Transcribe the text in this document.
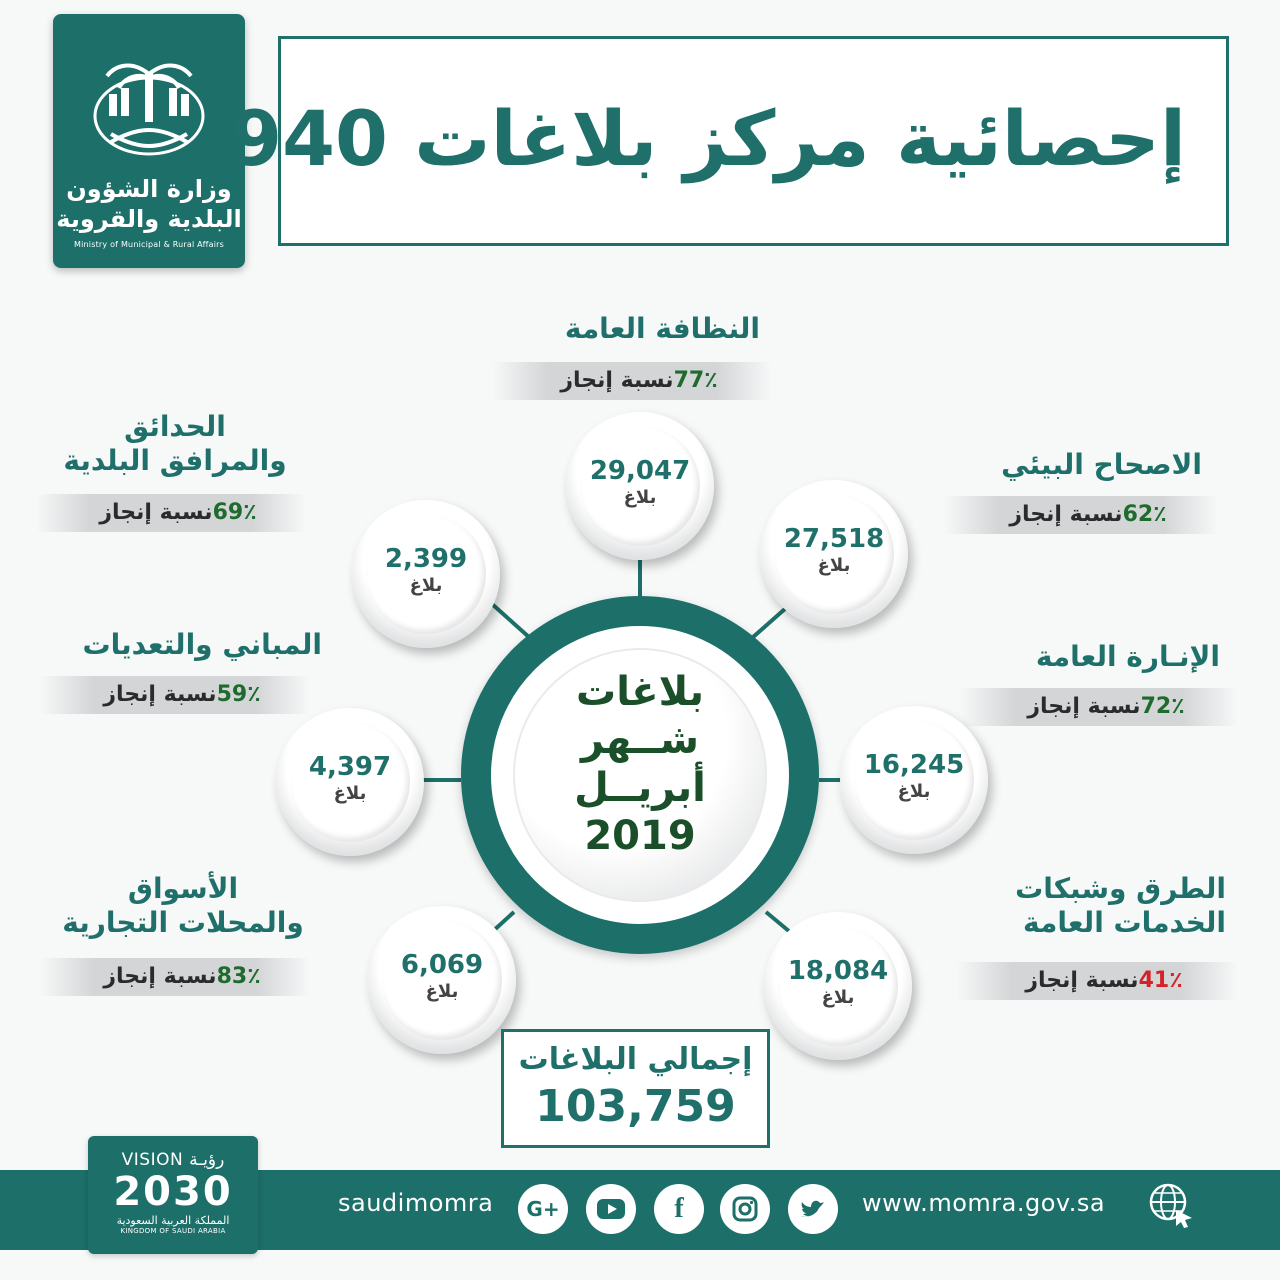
وزارة الشؤون
البلدية والقروية
Ministry of Municipal & Rural Affairs
إحصائية مركز بلاغات 940
النظافة العامة
77٪نسبة إنجاز
29,047
بلاغ
الاصحاح البيئي
62٪نسبة إنجاز
27,518
بلاغ
الإنـارة العامة
72٪نسبة إنجاز
16,245
بلاغ
الطرق وشبكات
الخدمات العامة
41٪نسبة إنجاز
18,084
بلاغ
الأسواق
والمحلات التجارية
83٪نسبة إنجاز	6,069
بلاغ
المباني والتعديات
59٪نسبة إنجاز
4,397
بلاغ
الحدائق
والمرافق البلدية
69٪نسبة إنجاز
2,399
بلاغ
بلاغات
شــهر
أبريــل
2019
إجمالي البلاغات
103,759
VISION رؤيـة
2030
المملكة العربية السعودية
KINGDOM OF SAUDI ARABIA
saudimomra	G+	f	www.momra.gov.sa
